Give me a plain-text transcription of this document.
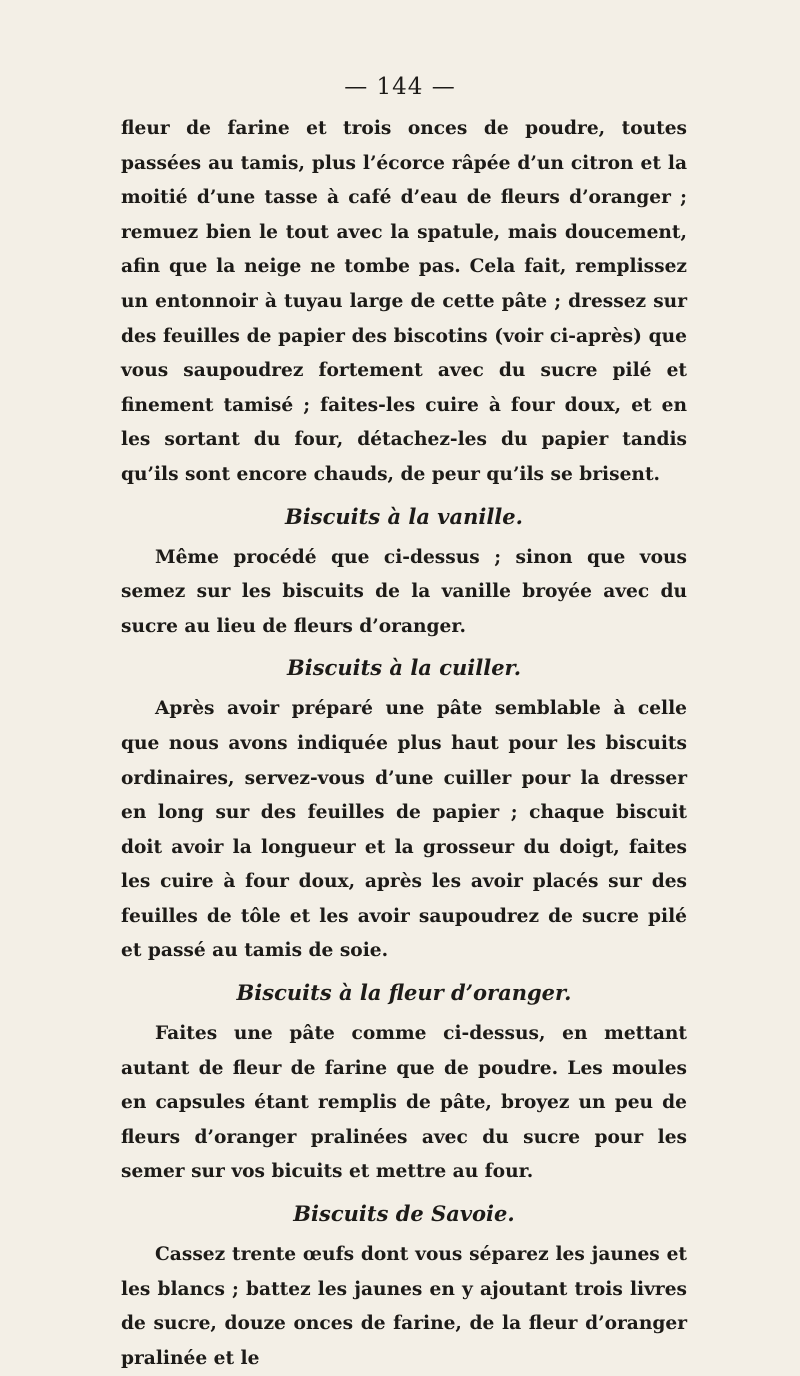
— 144 —

fleur de farine et trois onces de poudre, toutes passées au tamis, plus l’écorce râpée d’un citron et la moitié d’une tasse à café d’eau de fleurs d’oranger ; remuez bien le tout avec la spatule, mais doucement, afin que la neige ne tombe pas. Cela fait, remplissez un entonnoir à tuyau large de cette pâte ; dressez sur des feuilles de papier des biscotins (voir ci-après) que vous saupoudrez fortement avec du sucre pilé et finement tamisé ; faites-les cuire à four doux, et en les sortant du four, détachez-les du papier tandis qu’ils sont encore chauds, de peur qu’ils se brisent.

Biscuits à la vanille.

Même procédé que ci-dessus ; sinon que vous semez sur les biscuits de la vanille broyée avec du sucre au lieu de fleurs d’oranger.

Biscuits à la cuiller.

Après avoir préparé une pâte semblable à celle que nous avons indiquée plus haut pour les biscuits ordinaires, servez-vous d’une cuiller pour la dresser en long sur des feuilles de papier ; chaque biscuit doit avoir la longueur et la grosseur du doigt, faites les cuire à four doux, après les avoir placés sur des feuilles de tôle et les avoir saupoudrez de sucre pilé et passé au tamis de soie.

Biscuits à la fleur d’oranger.

Faites une pâte comme ci-dessus, en mettant autant de fleur de farine que de poudre. Les moules en capsules étant remplis de pâte, broyez un peu de fleurs d’oranger pralinées avec du sucre pour les semer sur vos bicuits et mettre au four.

Biscuits de Savoie.

Cassez trente œufs dont vous séparez les jaunes et les blancs ; battez les jaunes en y ajoutant trois livres de sucre, douze onces de farine, de la fleur d’oranger pralinée et le
